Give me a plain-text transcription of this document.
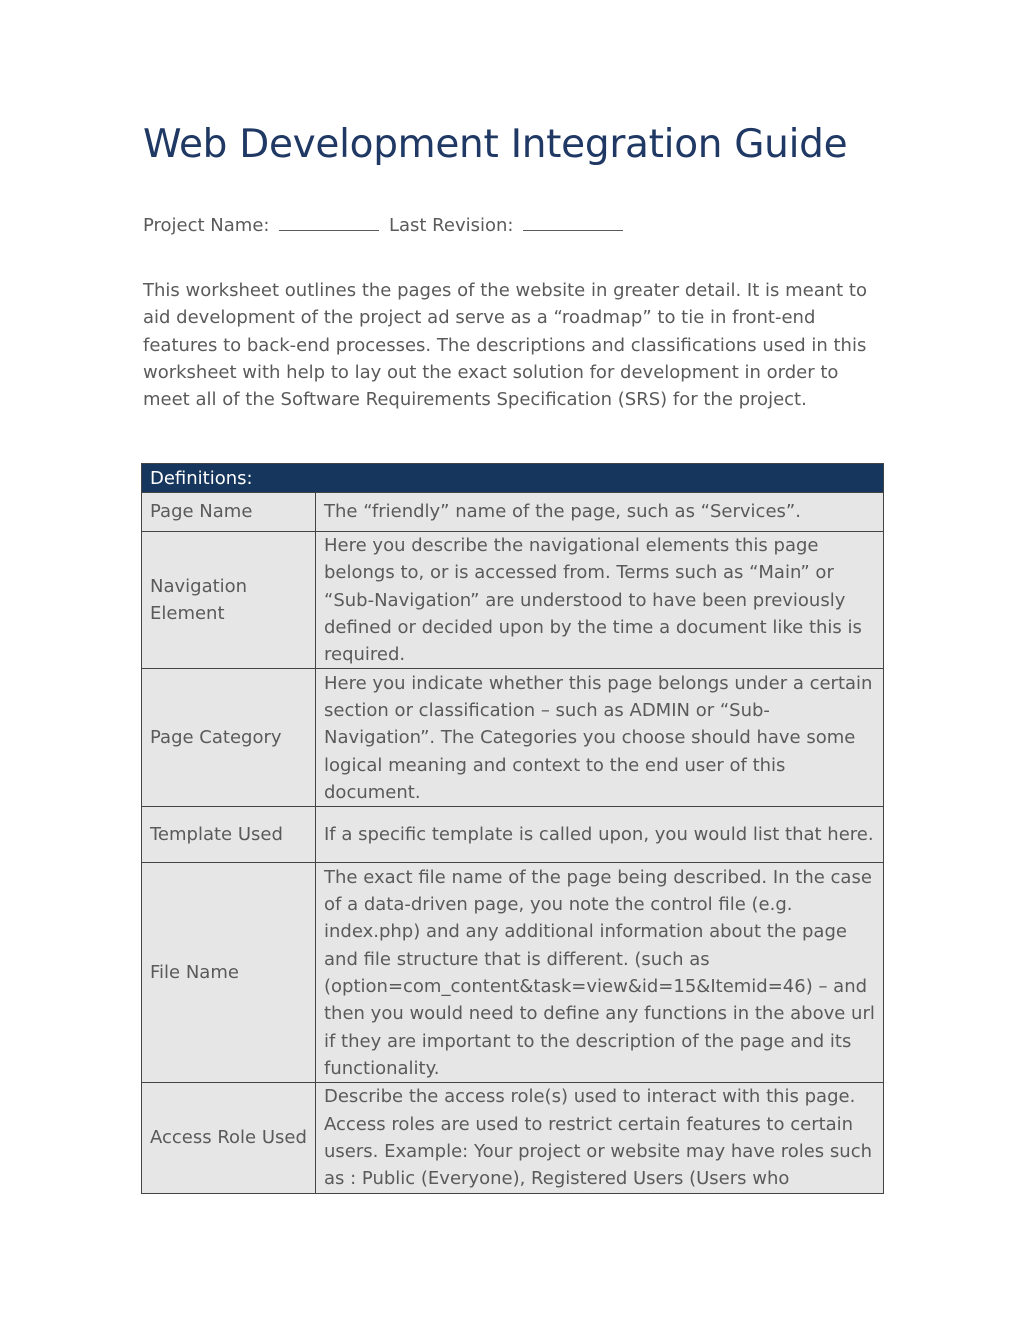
Web Development Integration Guide
Project Name:	Last Revision:

This worksheet outlines the pages of the website in greater detail. It is meant to aid development of the project ad serve as a “roadmap” to tie in front-end features to back-end processes. The descriptions and classifications used in this worksheet with help to lay out the exact solution for development in order to meet all of the Software Requirements Specification (SRS) for the project.

Definitions:	
Page Name	The “friendly” name of the page, such as “Services”.
Navigation Element	Here you describe the navigational elements this page belongs to, or is accessed from. Terms such as “Main” or “Sub-Navigation” are understood to have been previously defined or decided upon by the time a document like this is required.
Page Category	Here you indicate whether this page belongs under a certain section or classification – such as ADMIN or “Sub-Navigation”. The Categories you choose should have some logical meaning and context to the end user of this document.
Template Used	If a specific template is called upon, you would list that here.
File Name	The exact file name of the page being described. In the case of a data-driven page, you note the control file (e.g. index.php) and any additional information about the page and file structure that is different. (such as (option=com_content&task=view&id=15&Itemid=46) – and then you would need to define any functions in the above url if they are important to the description of the page and its functionality.
Access Role Used	Describe the access role(s) used to interact with this page. Access roles are used to restrict certain features to certain users. Example: Your project or website may have roles such as : Public (Everyone), Registered Users (Users who
